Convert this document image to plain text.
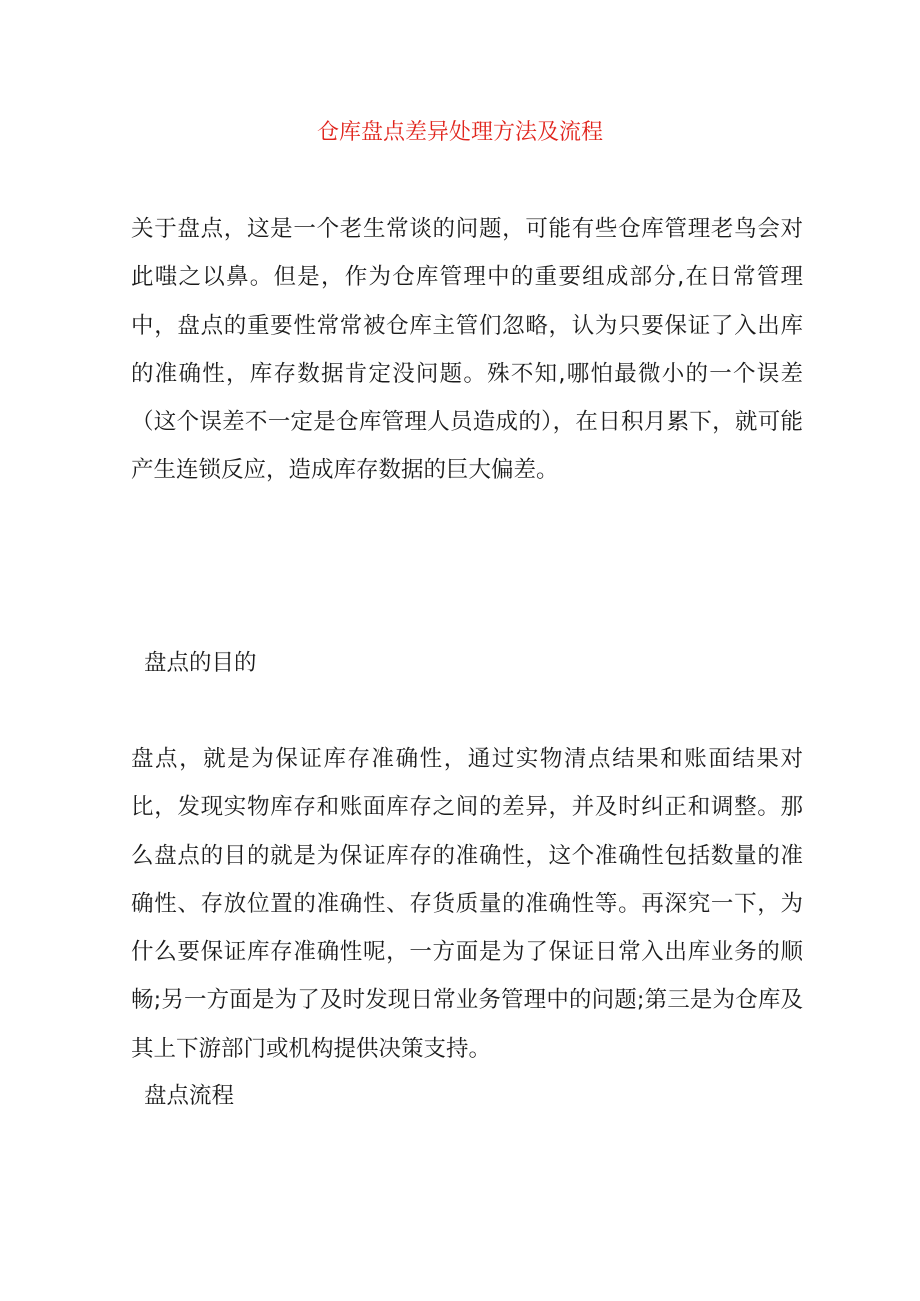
仓库盘点差异处理方法及流程

关于盘点，这是一个老生常谈的问题，可能有些仓库管理老鸟会对此嗤之以鼻。但是，作为仓库管理中的重要组成部分,在日常管理中，盘点的重要性常常被仓库主管们忽略，认为只要保证了入出库的准确性，库存数据肯定没问题。殊不知,哪怕最微小的一个误差（这个误差不一定是仓库管理人员造成的），在日积月累下，就可能产生连锁反应，造成库存数据的巨大偏差。

盘点的目的

盘点，就是为保证库存准确性，通过实物清点结果和账面结果对比，发现实物库存和账面库存之间的差异，并及时纠正和调整。那么盘点的目的就是为保证库存的准确性，这个准确性包括数量的准确性、存放位置的准确性、存货质量的准确性等。再深究一下，为什么要保证库存准确性呢，一方面是为了保证日常入出库业务的顺畅;另一方面是为了及时发现日常业务管理中的问题;第三是为仓库及其上下游部门或机构提供决策支持。

盘点流程
